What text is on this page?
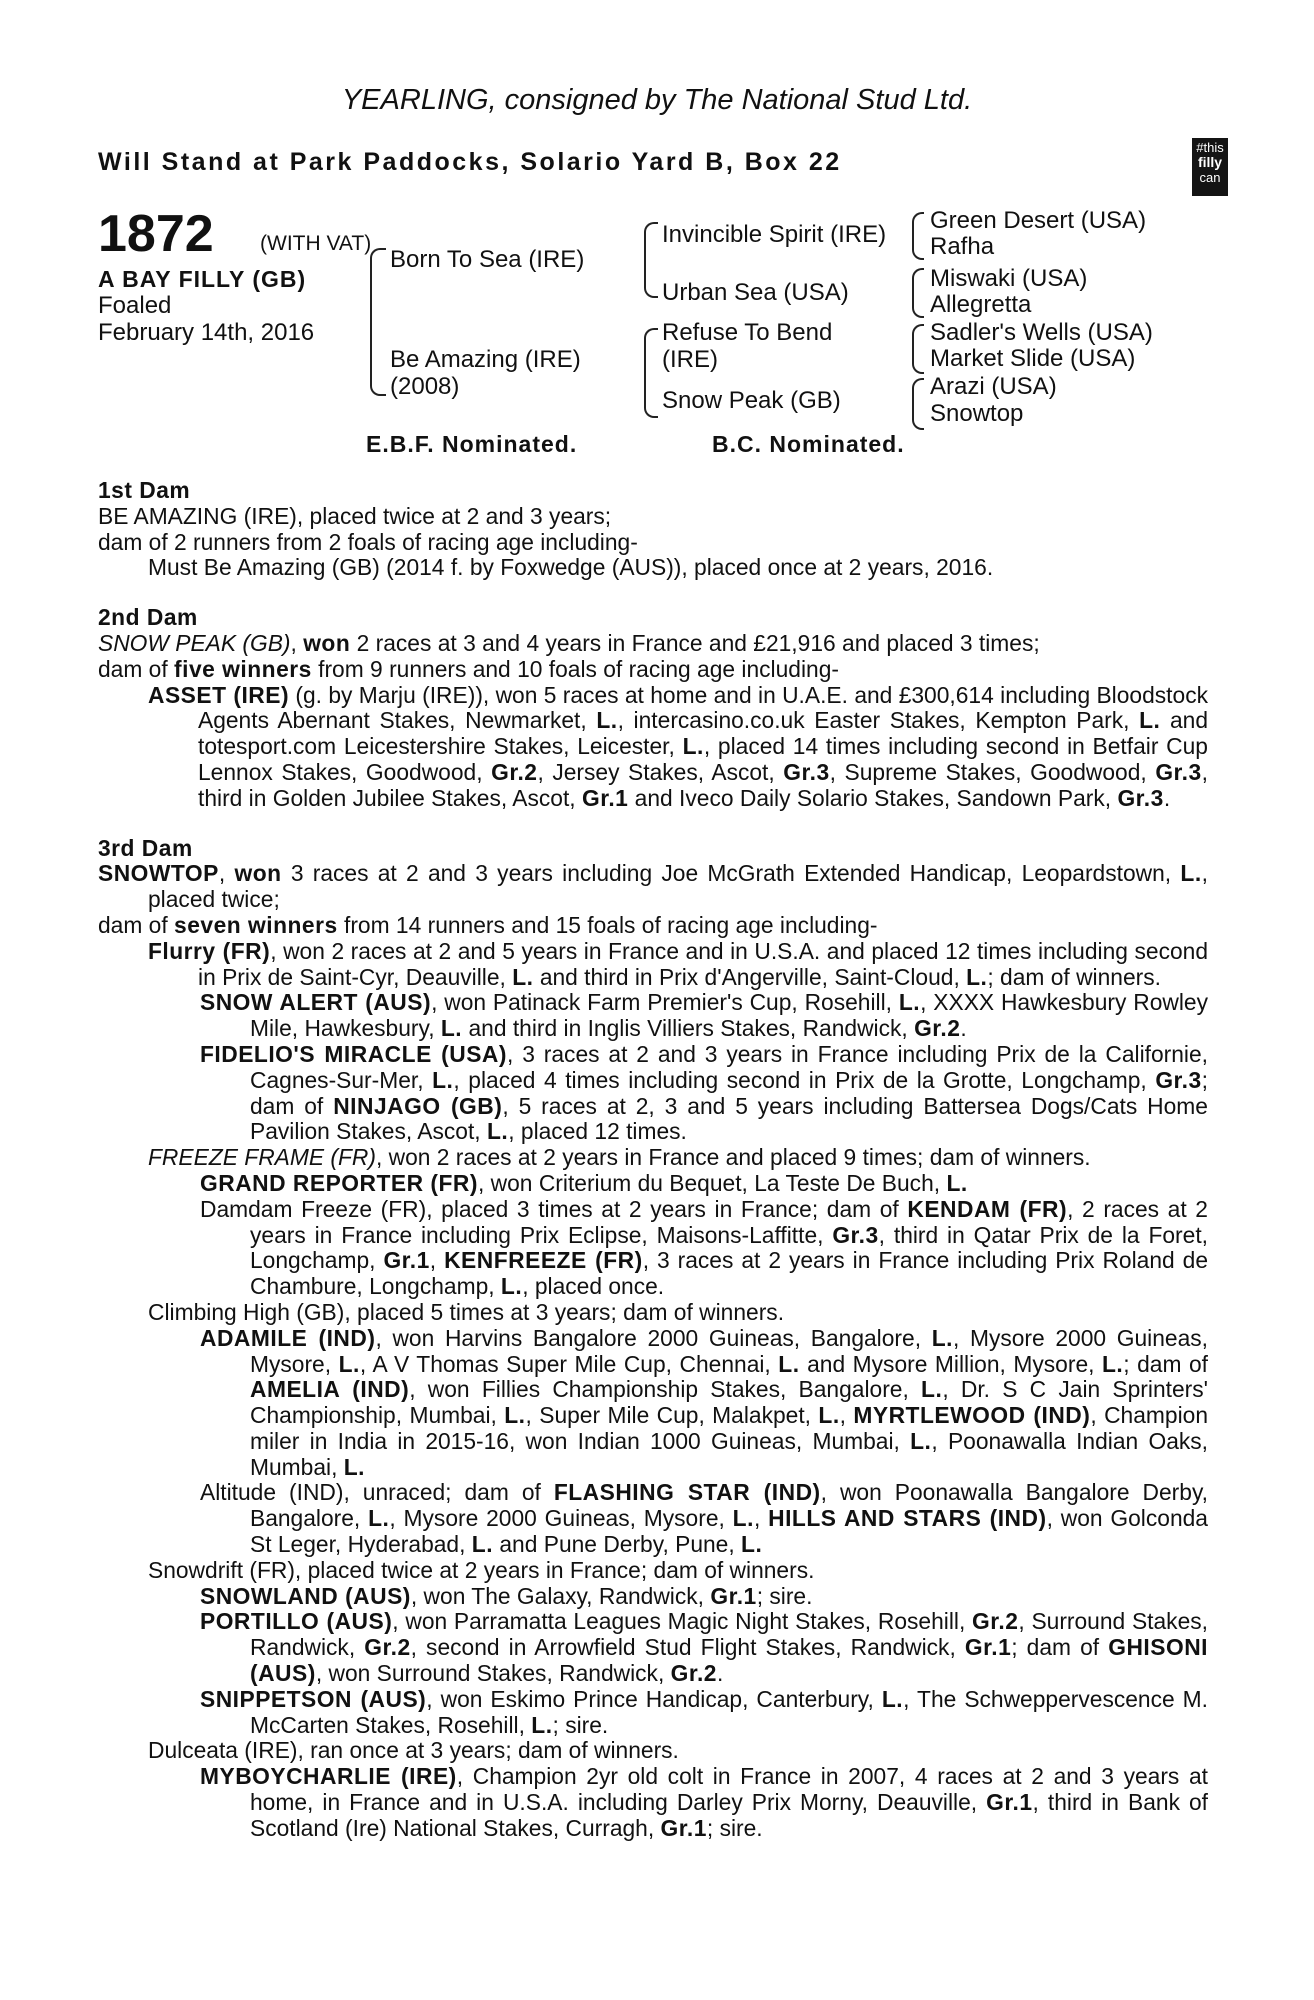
YEARLING, consigned by The National Stud Ltd.
Will Stand at Park Paddocks, Solario Yard B, Box 22
#this
filly
can
1872 (WITH VAT)
A BAY FILLY (GB)
Foaled
February 14th, 2016
Born To Sea (IRE)
Be Amazing (IRE)
(2008)
Invincible Spirit (IRE)
Urban Sea (USA)
Refuse To Bend
(IRE)
Snow Peak (GB)
Green Desert (USA)
Rafha
Miswaki (USA)
Allegretta
Sadler's Wells (USA)
Market Slide (USA)
Arazi (USA)
Snowtop
E.B.F. Nominated.	B.C. Nominated.

1st Dam

BE AMAZING (IRE), placed twice at 2 and 3 years;

dam of 2 runners from 2 foals of racing age including-

Must Be Amazing (GB) (2014 f. by Foxwedge (AUS)), placed once at 2 years, 2016.

2nd Dam

SNOW PEAK (GB), won 2 races at 3 and 4 years in France and £21,916 and placed 3 times;

dam of five winners from 9 runners and 10 foals of racing age including-

ASSET (IRE) (g. by Marju (IRE)), won 5 races at home and in U.A.E. and £300,614 including Bloodstock Agents Abernant Stakes, Newmarket, L., intercasino.co.uk Easter Stakes, Kempton Park, L. and totesport.com Leicestershire Stakes, Leicester, L., placed 14 times including second in Betfair Cup Lennox Stakes, Goodwood, Gr.2, Jersey Stakes, Ascot, Gr.3, Supreme Stakes, Goodwood, Gr.3, third in Golden Jubilee Stakes, Ascot, Gr.1 and Iveco Daily Solario Stakes, Sandown Park, Gr.3.

3rd Dam

SNOWTOP, won 3 races at 2 and 3 years including Joe McGrath Extended Handicap, Leopardstown, L., placed twice;

dam of seven winners from 14 runners and 15 foals of racing age including-

Flurry (FR), won 2 races at 2 and 5 years in France and in U.S.A. and placed 12 times including second in Prix de Saint-Cyr, Deauville, L. and third in Prix d'Angerville, Saint-Cloud, L.; dam of winners.

SNOW ALERT (AUS), won Patinack Farm Premier's Cup, Rosehill, L., XXXX Hawkesbury Rowley Mile, Hawkesbury, L. and third in Inglis Villiers Stakes, Randwick, Gr.2.

FIDELIO'S MIRACLE (USA), 3 races at 2 and 3 years in France including Prix de la Californie, Cagnes-Sur-Mer, L., placed 4 times including second in Prix de la Grotte, Longchamp, Gr.3; dam of NINJAGO (GB), 5 races at 2, 3 and 5 years including Battersea Dogs/Cats Home Pavilion Stakes, Ascot, L., placed 12 times.

FREEZE FRAME (FR), won 2 races at 2 years in France and placed 9 times; dam of winners.

GRAND REPORTER (FR), won Criterium du Bequet, La Teste De Buch, L.

Damdam Freeze (FR), placed 3 times at 2 years in France; dam of KENDAM (FR), 2 races at 2 years in France including Prix Eclipse, Maisons-Laffitte, Gr.3, third in Qatar Prix de la Foret, Longchamp, Gr.1, KENFREEZE (FR), 3 races at 2 years in France including Prix Roland de Chambure, Longchamp, L., placed once.

Climbing High (GB), placed 5 times at 3 years; dam of winners.

ADAMILE (IND), won Harvins Bangalore 2000 Guineas, Bangalore, L., Mysore 2000 Guineas, Mysore, L., A V Thomas Super Mile Cup, Chennai, L. and Mysore Million, Mysore, L.; dam of AMELIA (IND), won Fillies Championship Stakes, Bangalore, L., Dr. S C Jain Sprinters' Championship, Mumbai, L., Super Mile Cup, Malakpet, L., MYRTLEWOOD (IND), Champion miler in India in 2015-16, won Indian 1000 Guineas, Mumbai, L., Poonawalla Indian Oaks, Mumbai, L.

Altitude (IND), unraced; dam of FLASHING STAR (IND), won Poonawalla Bangalore Derby, Bangalore, L., Mysore 2000 Guineas, Mysore, L., HILLS AND STARS (IND), won Golconda St Leger, Hyderabad, L. and Pune Derby, Pune, L.

Snowdrift (FR), placed twice at 2 years in France; dam of winners.

SNOWLAND (AUS), won The Galaxy, Randwick, Gr.1; sire.

PORTILLO (AUS), won Parramatta Leagues Magic Night Stakes, Rosehill, Gr.2, Surround Stakes, Randwick, Gr.2, second in Arrowfield Stud Flight Stakes, Randwick, Gr.1; dam of GHISONI (AUS), won Surround Stakes, Randwick, Gr.2.

SNIPPETSON (AUS), won Eskimo Prince Handicap, Canterbury, L., The Schweppervescence M. McCarten Stakes, Rosehill, L.; sire.

Dulceata (IRE), ran once at 3 years; dam of winners.

MYBOYCHARLIE (IRE), Champion 2yr old colt in France in 2007, 4 races at 2 and 3 years at home, in France and in U.S.A. including Darley Prix Morny, Deauville, Gr.1, third in Bank of Scotland (Ire) National Stakes, Curragh, Gr.1; sire.
